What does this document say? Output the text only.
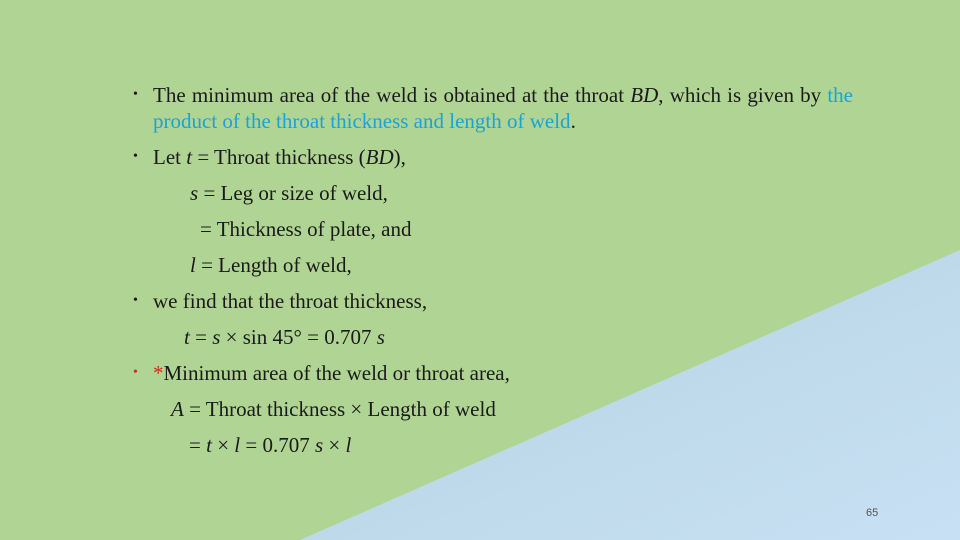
• The minimum area of the weld is obtained at the throat BD, which is given by the product of the throat thickness and length of weld.
• Let t = Throat thickness (BD),
s = Leg or size of weld,
= Thickness of plate, and
l = Length of weld,
• we find that the throat thickness,
t = s × sin 45° = 0.707 s
• *Minimum area of the weld or throat area,
A = Throat thickness × Length of weld
= t × l = 0.707 s × l
65
